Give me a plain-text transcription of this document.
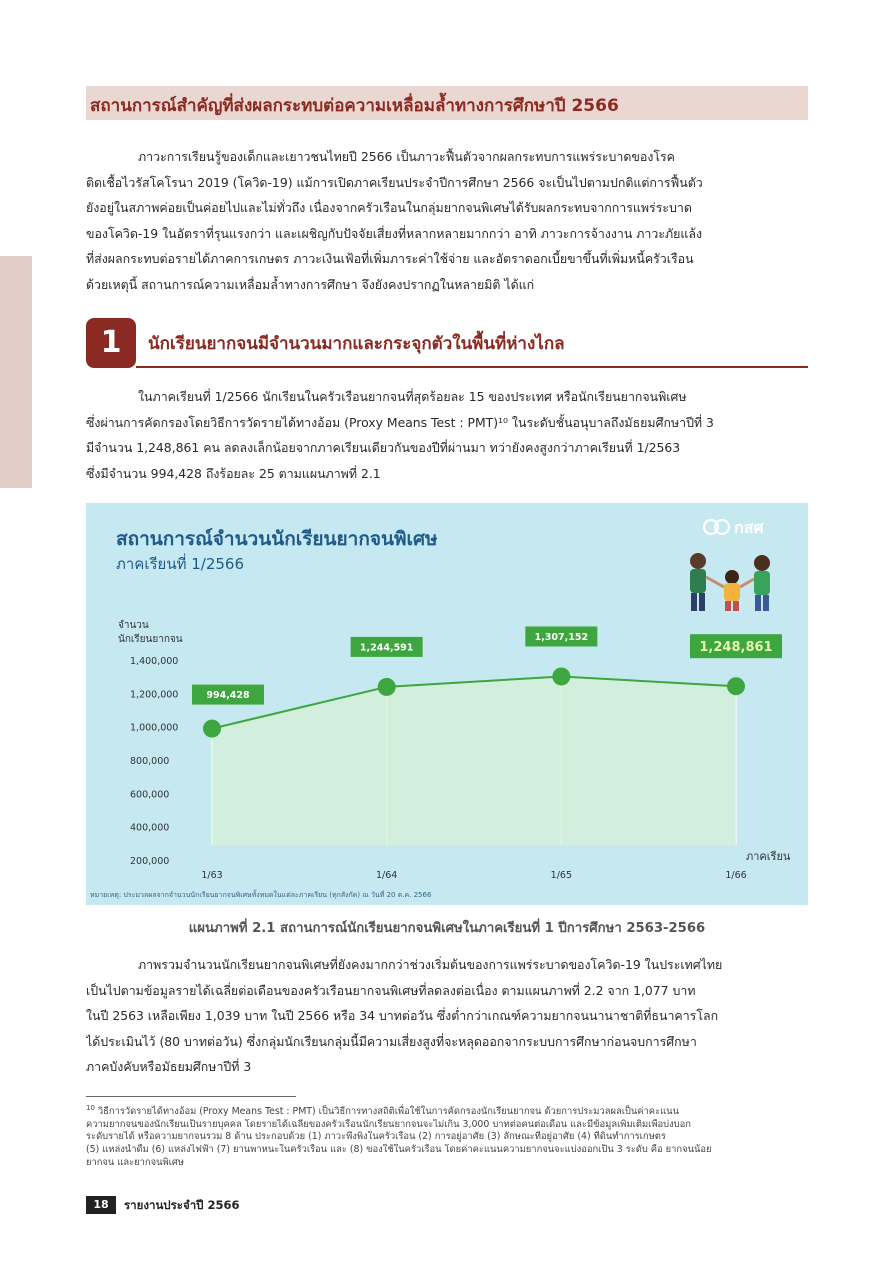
สถานการณ์สำคัญที่ส่งผลกระทบต่อความเหลื่อมล้ำทางการศึกษาปี 2566
ภาวะการเรียนรู้ของเด็กและเยาวชนไทยปี 2566 เป็นภาวะฟื้นตัวจากผลกระทบการแพร่ระบาดของโรค
ติดเชื้อไวรัสโคโรนา 2019 (โควิด-19) แม้การเปิดภาคเรียนประจำปีการศึกษา 2566 จะเป็นไปตามปกติแต่การฟื้นตัว
ยังอยู่ในสภาพค่อยเป็นค่อยไปและไม่ทั่วถึง เนื่องจากครัวเรือนในกลุ่มยากจนพิเศษได้รับผลกระทบจากการแพร่ระบาด
ของโควิด-19 ในอัตราที่รุนแรงกว่า และเผชิญกับปัจจัยเสี่ยงที่หลากหลายมากกว่า อาทิ ภาวะการจ้างงาน ภาวะภัยแล้ง
ที่ส่งผลกระทบต่อรายได้ภาคการเกษตร ภาวะเงินเฟ้อที่เพิ่มภาระค่าใช้จ่าย และอัตราดอกเบี้ยขาขึ้นที่เพิ่มหนี้ครัวเรือน
ด้วยเหตุนี้ สถานการณ์ความเหลื่อมล้ำทางการศึกษา จึงยังคงปรากฏในหลายมิติ ได้แก่
1	นักเรียนยากจนมีจำนวนมากและกระจุกตัวในพื้นที่ห่างไกล
ในภาคเรียนที่ 1/2566 นักเรียนในครัวเรือนยากจนที่สุดร้อยละ 15 ของประเทศ หรือนักเรียนยากจนพิเศษ
ซึ่งผ่านการคัดกรองโดยวิธีการวัดรายได้ทางอ้อม (Proxy Means Test : PMT)¹⁰ ในระดับชั้นอนุบาลถึงมัธยมศึกษาปีที่ 3
มีจำนวน 1,248,861 คน ลดลงเล็กน้อยจากภาคเรียนเดียวกันของปีที่ผ่านมา ทว่ายังคงสูงกว่าภาคเรียนที่ 1/2563
ซึ่งมีจำนวน 994,428 ถึงร้อยละ 25 ตามแผนภาพที่ 2.1
สถานการณ์จำนวนนักเรียนยากจนพิเศษ
ภาคเรียนที่ 1/2566
กสศ
จำนวน
นักเรียนยากจน
200,000
400,000
600,000
800,000
1,000,000
1,200,000
1,400,000
994,428
1,244,591
1,307,152
1,248,861
1/63	1/64	1/65	1/66
ภาคเรียน
หมายเหตุ: ประมวลผลจากจำนวนนักเรียนยากจนพิเศษทั้งหมดในแต่ละภาคเรียน (ทุกสังกัด) ณ วันที่ 20 ต.ค. 2566
แผนภาพที่ 2.1 สถานการณ์นักเรียนยากจนพิเศษในภาคเรียนที่ 1 ปีการศึกษา 2563-2566
ภาพรวมจำนวนนักเรียนยากจนพิเศษที่ยังคงมากกว่าช่วงเริ่มต้นของการแพร่ระบาดของโควิด-19 ในประเทศไทย
เป็นไปตามข้อมูลรายได้เฉลี่ยต่อเดือนของครัวเรือนยากจนพิเศษที่ลดลงต่อเนื่อง ตามแผนภาพที่ 2.2 จาก 1,077 บาท
ในปี 2563 เหลือเพียง 1,039 บาท ในปี 2566 หรือ 34 บาทต่อวัน ซึ่งต่ำกว่าเกณฑ์ความยากจนนานาชาติที่ธนาคารโลก
ได้ประเมินไว้ (80 บาทต่อวัน) ซึ่งกลุ่มนักเรียนกลุ่มนี้มีความเสี่ยงสูงที่จะหลุดออกจากระบบการศึกษาก่อนจบการศึกษา
ภาคบังคับหรือมัธยมศึกษาปีที่ 3
$^{10}$ วิธีการวัดรายได้ทางอ้อม (Proxy Means Test : PMT) เป็นวิธีการทางสถิติเพื่อใช้ในการคัดกรองนักเรียนยากจน ด้วยการประมวลผลเป็นค่าคะแนน
ความยากจนของนักเรียนเป็นรายบุคคล โดยรายได้เฉลี่ยของครัวเรือนนักเรียนยากจนจะไม่เกิน 3,000 บาทต่อคนต่อเดือน และมีข้อมูลเพิ่มเติมเพื่อบ่งบอก
ระดับรายได้ หรือความยากจนรวม 8 ด้าน ประกอบด้วย (1) ภาวะพึ่งพิงในครัวเรือน (2) การอยู่อาศัย (3) ลักษณะที่อยู่อาศัย (4) ที่ดินทำการเกษตร
(5) แหล่งน้ำดื่ม (6) แหล่งไฟฟ้า (7) ยานพาหนะในครัวเรือน และ (8) ของใช้ในครัวเรือน โดยค่าคะแนนความยากจนจะแบ่งออกเป็น 3 ระดับ คือ ยากจนน้อย
ยากจน และยากจนพิเศษ
18	รายงานประจำปี 2566
